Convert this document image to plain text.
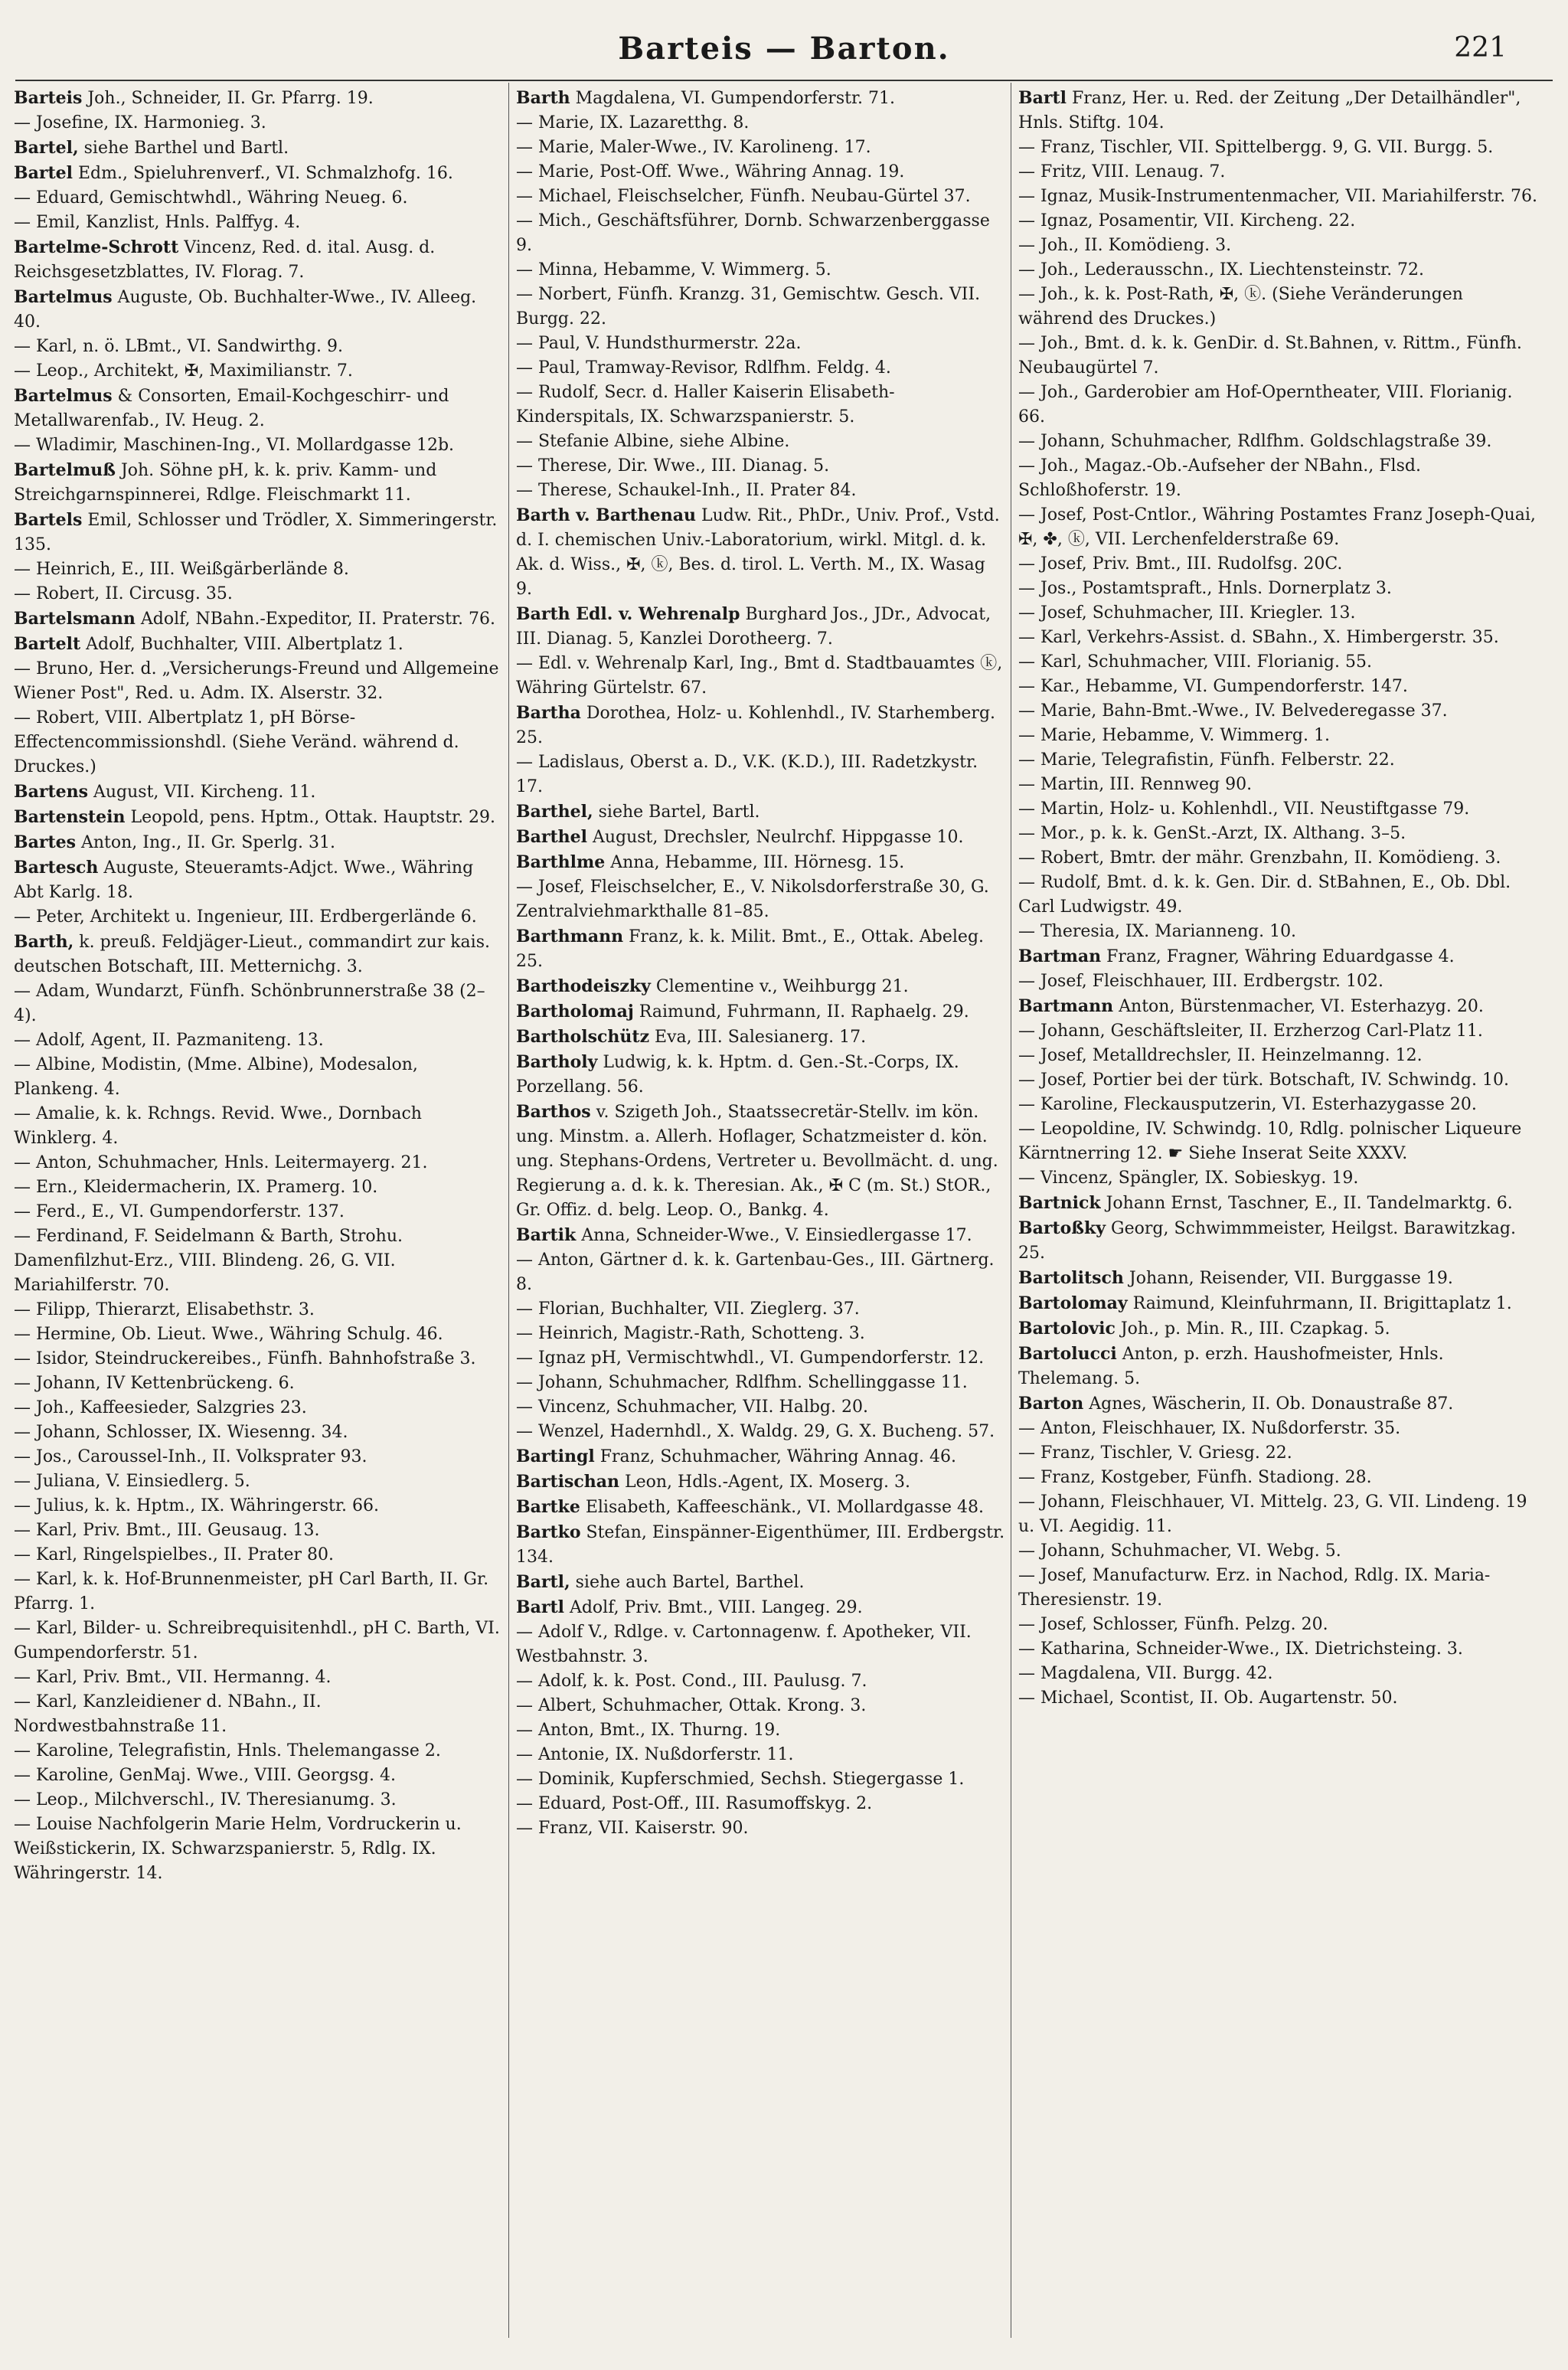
Barteis — Barton.	221

Barteis Joh., Schneider, II. Gr. Pfarrg. 19.

— Josefine, IX. Harmonieg. 3.

Bartel, siehe Barthel und Bartl.

Bartel Edm., Spieluhrenverf., VI. Schmalzhofg. 16.

— Eduard, Gemischtwhdl., Währing Neueg. 6.

— Emil, Kanzlist, Hnls. Palffyg. 4.

Bartelme-Schrott Vincenz, Red. d. ital. Ausg. d. Reichsgesetzblattes, IV. Florag. 7.

Bartelmus Auguste, Ob. Buchhalter-Wwe., IV. Alleeg. 40.

— Karl, n. ö. LBmt., VI. Sandwirthg. 9.

— Leop., Architekt, ✠, Maximilianstr. 7.

Bartelmus & Consorten, Email-Kochgeschirr- und Metallwarenfab., IV. Heug. 2.

— Wladimir, Maschinen-Ing., VI. Mollardgasse 12b.

Bartelmuß Joh. Söhne pH, k. k. priv. Kamm- und Streichgarnspinnerei, Rdlge. Fleischmarkt 11.

Bartels Emil, Schlosser und Trödler, X. Simmeringerstr. 135.

— Heinrich, E., III. Weißgärberlände 8.

— Robert, II. Circusg. 35.

Bartelsmann Adolf, NBahn.-Expeditor, II. Praterstr. 76.

Bartelt Adolf, Buchhalter, VIII. Albertplatz 1.

— Bruno, Her. d. „Versicherungs-Freund und Allgemeine Wiener Post", Red. u. Adm. IX. Alserstr. 32.

— Robert, VIII. Albertplatz 1, pH Börse-Effectencommissionshdl. (Siehe Veränd. während d. Druckes.)

Bartens August, VII. Kircheng. 11.

Bartenstein Leopold, pens. Hptm., Ottak. Hauptstr. 29.

Bartes Anton, Ing., II. Gr. Sperlg. 31.

Bartesch Auguste, Steueramts-Adjct. Wwe., Währing Abt Karlg. 18.

— Peter, Architekt u. Ingenieur, III. Erdbergerlände 6.

Barth, k. preuß. Feldjäger-Lieut., commandirt zur kais. deutschen Botschaft, III. Metternichg. 3.

— Adam, Wundarzt, Fünfh. Schönbrunnerstraße 38 (2–4).

— Adolf, Agent, II. Pazmaniteng. 13.

— Albine, Modistin, (Mme. Albine), Modesalon, Plankeng. 4.

— Amalie, k. k. Rchngs. Revid. Wwe., Dornbach Winklerg. 4.

— Anton, Schuhmacher, Hnls. Leitermayerg. 21.

— Ern., Kleidermacherin, IX. Pramerg. 10.

— Ferd., E., VI. Gumpendorferstr. 137.

— Ferdinand, F. Seidelmann & Barth, Strohu. Damenfilzhut-Erz., VIII. Blindeng. 26, G. VII. Mariahilferstr. 70.

— Filipp, Thierarzt, Elisabethstr. 3.

— Hermine, Ob. Lieut. Wwe., Währing Schulg. 46.

— Isidor, Steindruckereibes., Fünfh. Bahnhofstraße 3.

— Johann, IV Kettenbrückeng. 6.

— Joh., Kaffeesieder, Salzgries 23.

— Johann, Schlosser, IX. Wiesenng. 34.

— Jos., Caroussel-Inh., II. Volksprater 93.

— Juliana, V. Einsiedlerg. 5.

— Julius, k. k. Hptm., IX. Währingerstr. 66.

— Karl, Priv. Bmt., III. Geusaug. 13.

— Karl, Ringelspielbes., II. Prater 80.

— Karl, k. k. Hof-Brunnenmeister, pH Carl Barth, II. Gr. Pfarrg. 1.

— Karl, Bilder- u. Schreibrequisitenhdl., pH C. Barth, VI. Gumpendorferstr. 51.

— Karl, Priv. Bmt., VII. Hermanng. 4.

— Karl, Kanzleidiener d. NBahn., II. Nordwestbahnstraße 11.

— Karoline, Telegrafistin, Hnls. Thelemangasse 2.

— Karoline, GenMaj. Wwe., VIII. Georgsg. 4.

— Leop., Milchverschl., IV. Theresianumg. 3.

— Louise Nachfolgerin Marie Helm, Vordruckerin u. Weißstickerin, IX. Schwarzspanierstr. 5, Rdlg. IX. Währingerstr. 14.

Barth Magdalena, VI. Gumpendorferstr. 71.

— Marie, IX. Lazaretthg. 8.

— Marie, Maler-Wwe., IV. Karolineng. 17.

— Marie, Post-Off. Wwe., Währing Annag. 19.

— Michael, Fleischselcher, Fünfh. Neubau-Gürtel 37.

— Mich., Geschäftsführer, Dornb. Schwarzenberggasse 9.

— Minna, Hebamme, V. Wimmerg. 5.

— Norbert, Fünfh. Kranzg. 31, Gemischtw. Gesch. VII. Burgg. 22.

— Paul, V. Hundsthurmerstr. 22a.

— Paul, Tramway-Revisor, Rdlfhm. Feldg. 4.

— Rudolf, Secr. d. Haller Kaiserin Elisabeth-Kinderspitals, IX. Schwarzspanierstr. 5.

— Stefanie Albine, siehe Albine.

— Therese, Dir. Wwe., III. Dianag. 5.

— Therese, Schaukel-Inh., II. Prater 84.

Barth v. Barthenau Ludw. Rit., PhDr., Univ. Prof., Vstd. d. I. chemischen Univ.-Laboratorium, wirkl. Mitgl. d. k. Ak. d. Wiss., ✠, ⓚ, Bes. d. tirol. L. Verth. M., IX. Wasag 9.

Barth Edl. v. Wehrenalp Burghard Jos., JDr., Advocat, III. Dianag. 5, Kanzlei Dorotheerg. 7.

— Edl. v. Wehrenalp Karl, Ing., Bmt d. Stadtbauamtes ⓚ, Währing Gürtelstr. 67.

Bartha Dorothea, Holz- u. Kohlenhdl., IV. Starhemberg. 25.

— Ladislaus, Oberst a. D., V.K. (K.D.), III. Radetzkystr. 17.

Barthel, siehe Bartel, Bartl.

Barthel August, Drechsler, Neulrchf. Hippgasse 10.

Barthlme Anna, Hebamme, III. Hörnesg. 15.

— Josef, Fleischselcher, E., V. Nikolsdorferstraße 30, G. Zentralviehmarkthalle 81–85.

Barthmann Franz, k. k. Milit. Bmt., E., Ottak. Abeleg. 25.

Barthodeiszky Clementine v., Weihburgg 21.

Bartholomaj Raimund, Fuhrmann, II. Raphaelg. 29.

Bartholschütz Eva, III. Salesianerg. 17.

Bartholy Ludwig, k. k. Hptm. d. Gen.-St.-Corps, IX. Porzellang. 56.

Barthos v. Szigeth Joh., Staatssecretär-Stellv. im kön. ung. Minstm. a. Allerh. Hoflager, Schatzmeister d. kön. ung. Stephans-Ordens, Vertreter u. Bevollmächt. d. ung. Regierung a. d. k. k. Theresian. Ak., ✠ C (m. St.) StOR., Gr. Offiz. d. belg. Leop. O., Bankg. 4.

Bartik Anna, Schneider-Wwe., V. Einsiedlergasse 17.

— Anton, Gärtner d. k. k. Gartenbau-Ges., III. Gärtnerg. 8.

— Florian, Buchhalter, VII. Zieglerg. 37.

— Heinrich, Magistr.-Rath, Schotteng. 3.

— Ignaz pH, Vermischtwhdl., VI. Gumpendorferstr. 12.

— Johann, Schuhmacher, Rdlfhm. Schellinggasse 11.

— Vincenz, Schuhmacher, VII. Halbg. 20.

— Wenzel, Hadernhdl., X. Waldg. 29, G. X. Bucheng. 57.

Bartingl Franz, Schuhmacher, Währing Annag. 46.

Bartischan Leon, Hdls.-Agent, IX. Moserg. 3.

Bartke Elisabeth, Kaffeeschänk., VI. Mollardgasse 48.

Bartko Stefan, Einspänner-Eigenthümer, III. Erdbergstr. 134.

Bartl, siehe auch Bartel, Barthel.

Bartl Adolf, Priv. Bmt., VIII. Langeg. 29.

— Adolf V., Rdlge. v. Cartonnagenw. f. Apotheker, VII. Westbahnstr. 3.

— Adolf, k. k. Post. Cond., III. Paulusg. 7.

— Albert, Schuhmacher, Ottak. Krong. 3.

— Anton, Bmt., IX. Thurng. 19.

— Antonie, IX. Nußdorferstr. 11.

— Dominik, Kupferschmied, Sechsh. Stiegergasse 1.

— Eduard, Post-Off., III. Rasumoffskyg. 2.

— Franz, VII. Kaiserstr. 90.

Bartl Franz, Her. u. Red. der Zeitung „Der Detailhändler", Hnls. Stiftg. 104.

— Franz, Tischler, VII. Spittelbergg. 9, G. VII. Burgg. 5.

— Fritz, VIII. Lenaug. 7.

— Ignaz, Musik-Instrumentenmacher, VII. Mariahilferstr. 76.

— Ignaz, Posamentir, VII. Kircheng. 22.

— Joh., II. Komödieng. 3.

— Joh., Lederausschn., IX. Liechtensteinstr. 72.

— Joh., k. k. Post-Rath, ✠, ⓚ. (Siehe Veränderungen während des Druckes.)

— Joh., Bmt. d. k. k. GenDir. d. St.Bahnen, v. Rittm., Fünfh. Neubaugürtel 7.

— Joh., Garderobier am Hof-Operntheater, VIII. Florianig. 66.

— Johann, Schuhmacher, Rdlfhm. Goldschlagstraße 39.

— Joh., Magaz.-Ob.-Aufseher der NBahn., Flsd. Schloßhoferstr. 19.

— Josef, Post-Cntlor., Währing Postamtes Franz Joseph-Quai, ✠, ✤, ⓚ, VII. Lerchenfelderstraße 69.

— Josef, Priv. Bmt., III. Rudolfsg. 20C.

— Jos., Postamtspraft., Hnls. Dornerplatz 3.

— Josef, Schuhmacher, III. Kriegler. 13.

— Karl, Verkehrs-Assist. d. SBahn., X. Himbergerstr. 35.

— Karl, Schuhmacher, VIII. Florianig. 55.

— Kar., Hebamme, VI. Gumpendorferstr. 147.

— Marie, Bahn-Bmt.-Wwe., IV. Belvederegasse 37.

— Marie, Hebamme, V. Wimmerg. 1.

— Marie, Telegrafistin, Fünfh. Felberstr. 22.

— Martin, III. Rennweg 90.

— Martin, Holz- u. Kohlenhdl., VII. Neustiftgasse 79.

— Mor., p. k. k. GenSt.-Arzt, IX. Althang. 3–5.

— Robert, Bmtr. der mähr. Grenzbahn, II. Komödieng. 3.

— Rudolf, Bmt. d. k. k. Gen. Dir. d. StBahnen, E., Ob. Dbl. Carl Ludwigstr. 49.

— Theresia, IX. Marianneng. 10.

Bartman Franz, Fragner, Währing Eduardgasse 4.

— Josef, Fleischhauer, III. Erdbergstr. 102.

Bartmann Anton, Bürstenmacher, VI. Esterhazyg. 20.

— Johann, Geschäftsleiter, II. Erzherzog Carl-Platz 11.

— Josef, Metalldrechsler, II. Heinzelmanng. 12.

— Josef, Portier bei der türk. Botschaft, IV. Schwindg. 10.

— Karoline, Fleckausputzerin, VI. Esterhazygasse 20.

— Leopoldine, IV. Schwindg. 10, Rdlg. polnischer Liqueure Kärntnerring 12. ☛ Siehe Inserat Seite XXXV.

— Vincenz, Spängler, IX. Sobieskyg. 19.

Bartnick Johann Ernst, Taschner, E., II. Tandelmarktg. 6.

Bartoßky Georg, Schwimmmeister, Heilgst. Barawitzkag. 25.

Bartolitsch Johann, Reisender, VII. Burggasse 19.

Bartolomay Raimund, Kleinfuhrmann, II. Brigittaplatz 1.

Bartolovic Joh., p. Min. R., III. Czapkag. 5.

Bartolucci Anton, p. erzh. Haushofmeister, Hnls. Thelemang. 5.

Barton Agnes, Wäscherin, II. Ob. Donaustraße 87.

— Anton, Fleischhauer, IX. Nußdorferstr. 35.

— Franz, Tischler, V. Griesg. 22.

— Franz, Kostgeber, Fünfh. Stadiong. 28.

— Johann, Fleischhauer, VI. Mittelg. 23, G. VII. Lindeng. 19 u. VI. Aegidig. 11.

— Johann, Schuhmacher, VI. Webg. 5.

— Josef, Manufacturw. Erz. in Nachod, Rdlg. IX. Maria-Theresienstr. 19.

— Josef, Schlosser, Fünfh. Pelzg. 20.

— Katharina, Schneider-Wwe., IX. Dietrichsteing. 3.

— Magdalena, VII. Burgg. 42.

— Michael, Scontist, II. Ob. Augartenstr. 50.
